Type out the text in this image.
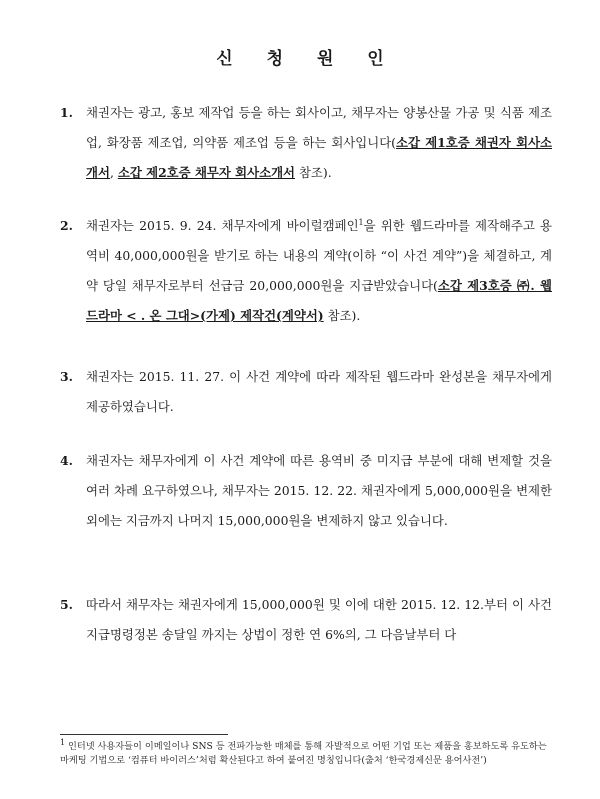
신 청 원 인
1.	채권자는 광고, 홍보 제작업 등을 하는 회사이고, 채무자는 양봉산물 가공 및 식품 제조업, 화장품 제조업, 의약품 제조업 등을 하는 회사입니다(소갑 제1호증 채권자 회사소개서, 소갑 제2호증 채무자 회사소개서 참조).
2.	채권자는 2015. 9. 24. 채무자에게 바이럴캠페인$^1$을 위한 웹드라마를 제작해주고 용역비 40,000,000원을 받기로 하는 내용의 계약(이하 “이 사건 계약”)을 체결하고, 계약 당일 채무자로부터 선급금 20,000,000원을 지급받았습니다(소갑 제3호증 ㈜. 웹드라마 < . 온 그대>(가제) 제작건(계약서) 참조).
3.	채권자는 2015. 11. 27. 이 사건 계약에 따라 제작된 웹드라마 완성본을 채무자에게 제공하였습니다.
4.	채권자는 채무자에게 이 사건 계약에 따른 용역비 중 미지급 부분에 대해 변제할 것을 여러 차례 요구하였으나, 채무자는 2015. 12. 22. 채권자에게 5,000,000원을 변제한 외에는 지금까지 나머지 15,000,000원을 변제하지 않고 있습니다.
5.	따라서 채무자는 채권자에게 15,000,000원 및 이에 대한 2015. 12. 12.부터 이 사건 지급명령정본 송달일 까지는 상법이 정한 연 6%의, 그 다음날부터 다
$^1$ 인터넷 사용자들이 이메일이나 SNS 등 전파가능한 매체를 통해 자발적으로 어떤 기업 또는 제품을 홍보하도록 유도하는 마케팅 기법으로 ‘컴퓨터 바이러스’처럼 확산된다고 하여 붙여진 명칭입니다(출처 ‘한국경제신문 용어사전’)
